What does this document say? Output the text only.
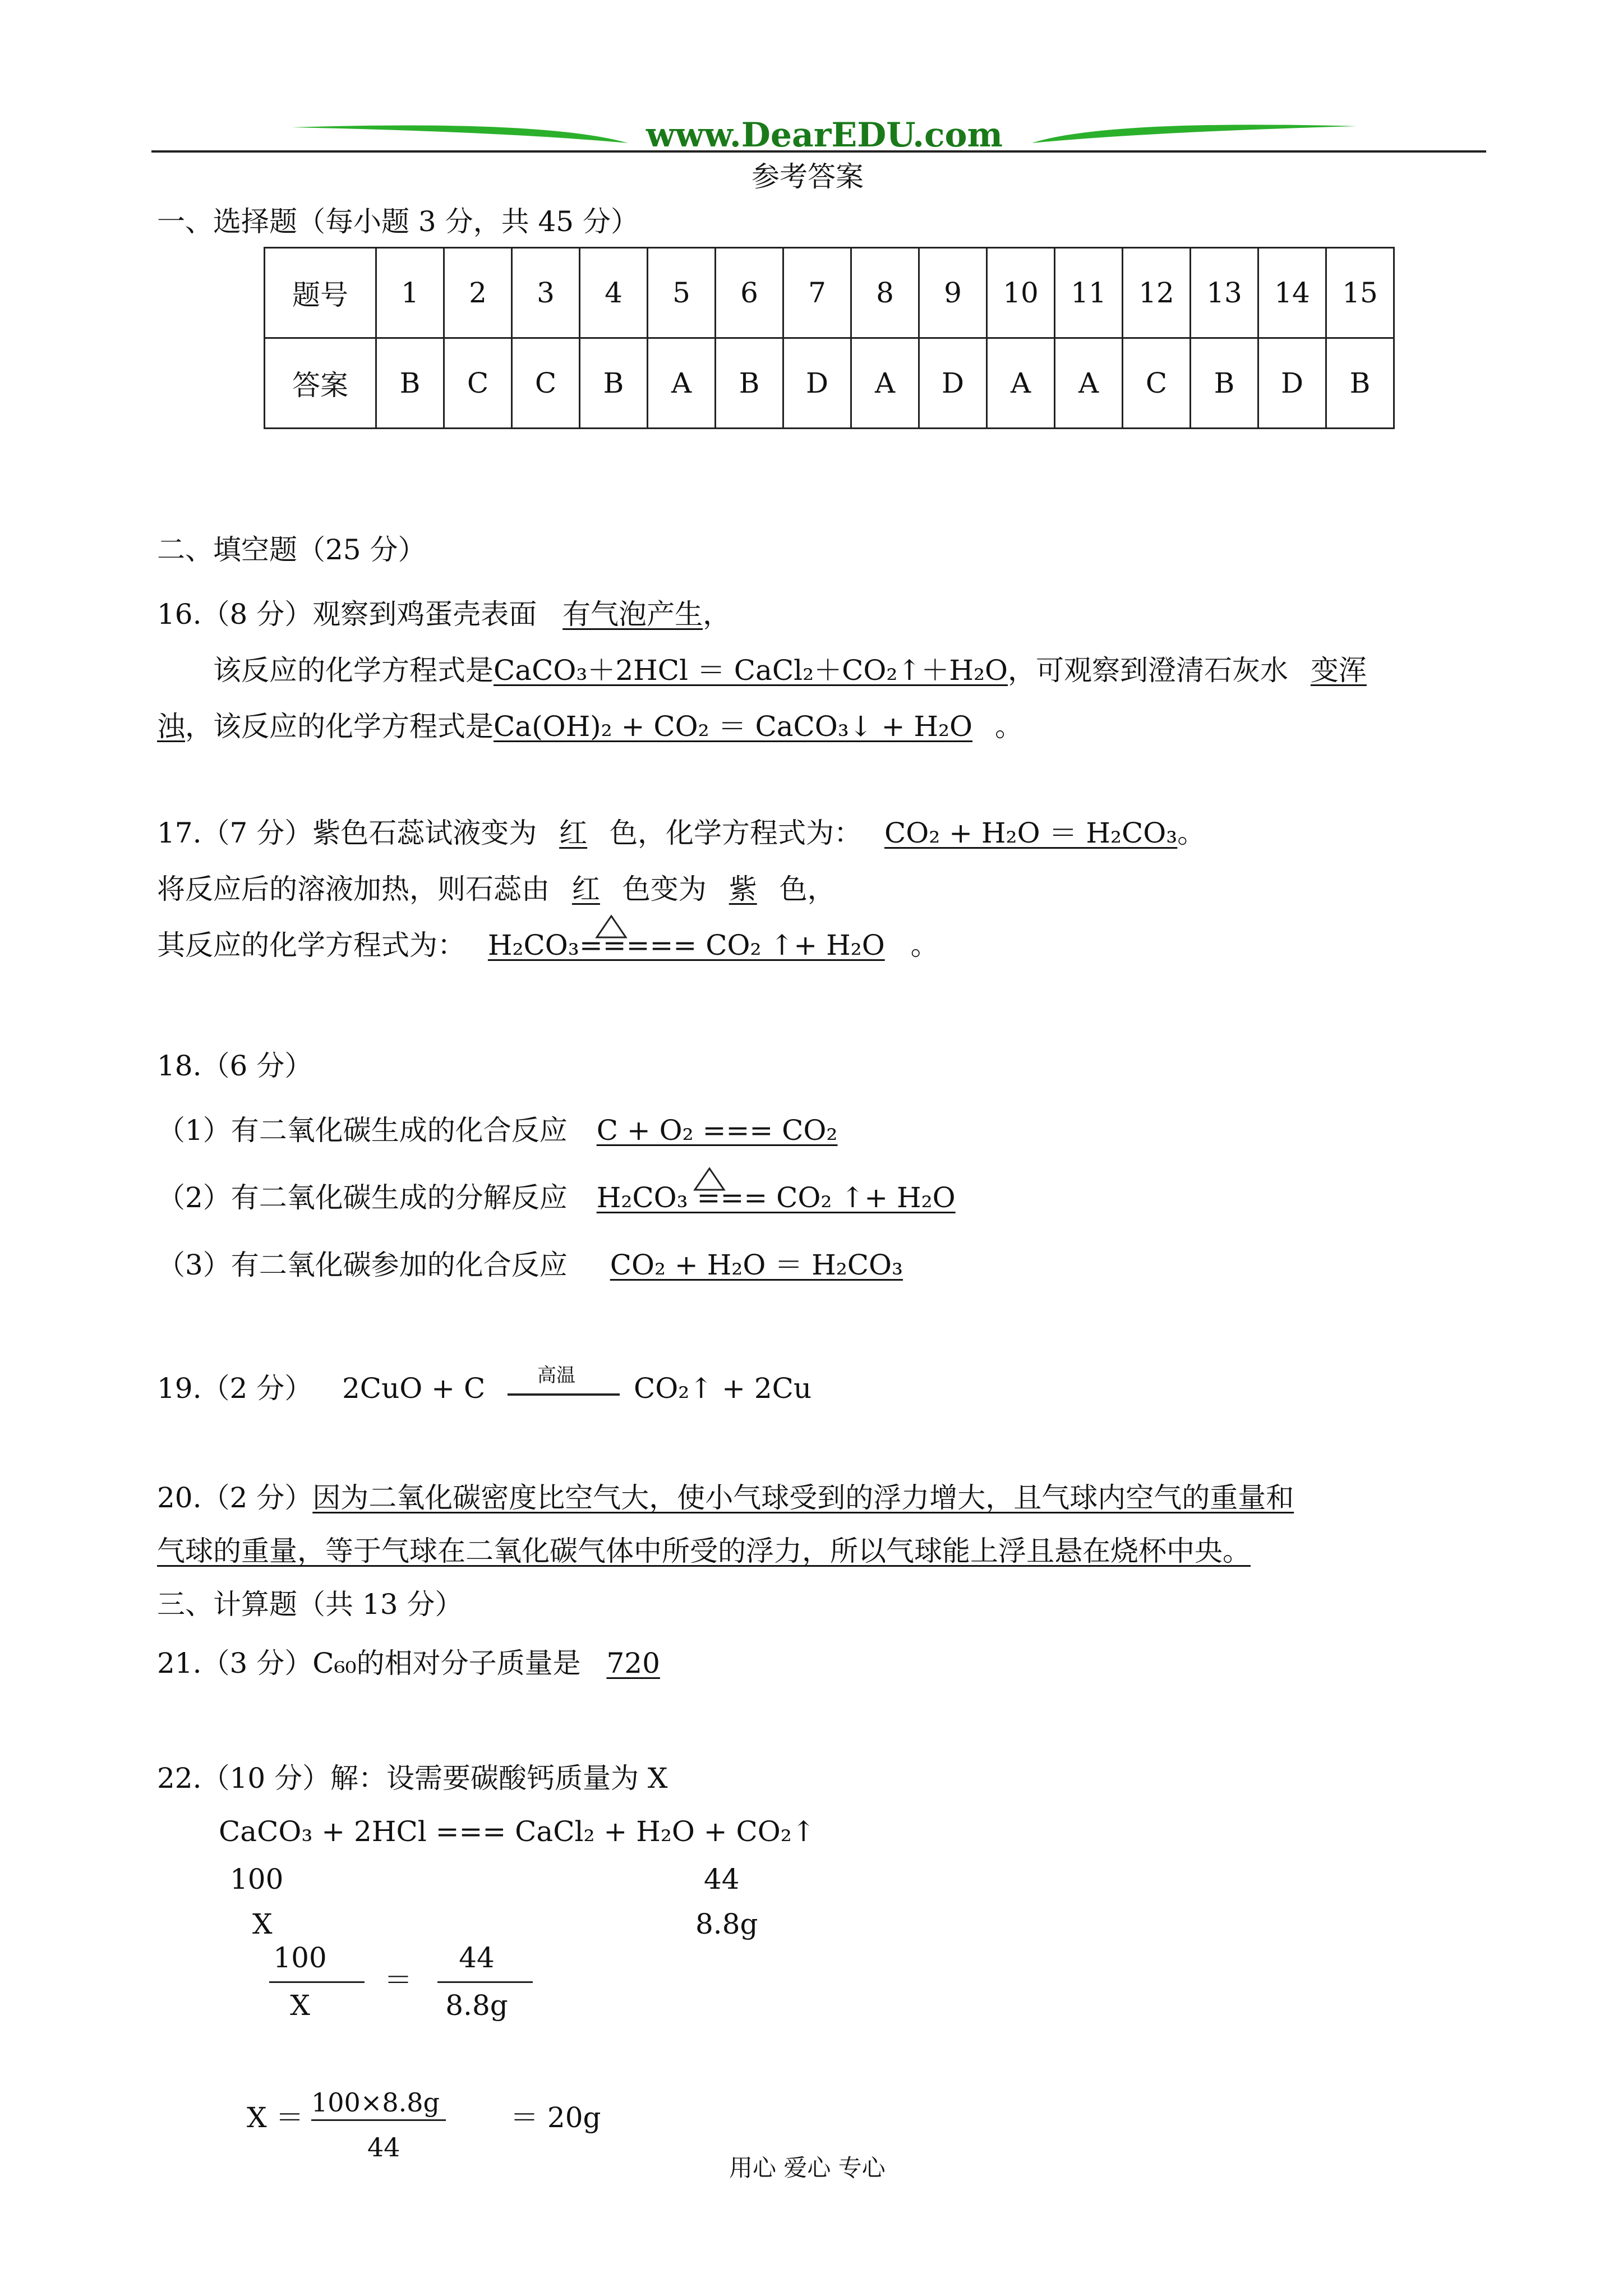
www.DearEDU.com
参考答案
一、选择题（每小题 3 分，共 45 分）
题号	1	2	3	4	5	6	7	8	9	10	11	12	13	14	15
答案	B	C	C	B	A	B	D	A	D	A	A	C	B	D	B
二、填空题（25 分）
16.（8 分）观察到鸡蛋壳表面 有气泡产生，
该反应的化学方程式是CaCO₃＋2HCl ＝ CaCl₂＋CO₂↑＋H₂O，可观察到澄清石灰水 变浑
浊，该反应的化学方程式是Ca(OH)₂ + CO₂ ＝ CaCO₃↓ + H₂O 。
17.（7 分）紫色石蕊试液变为 红 色，化学方程式为： CO₂ + H₂O ＝ H₂CO₃。
将反应后的溶液加热，则石蕊由 红 色变为 紫 色，
其反应的化学方程式为： H₂CO₃===== CO₂ ↑+ H₂O 。
18.（6 分）
（1）有二氧化碳生成的化合反应 C + O₂ === CO₂
（2）有二氧化碳生成的分解反应 H₂CO₃ === CO₂ ↑+ H₂O
（3）有二氧化碳参加的化合反应 CO₂ + H₂O ＝ H₂CO₃
19.（2 分） 2CuO + C	高温 CO₂↑ + 2Cu
20.（2 分）因为二氧化碳密度比空气大，使小气球受到的浮力增大，且气球内空气的重量和
气球的重量，等于气球在二氧化碳气体中所受的浮力，所以气球能上浮且悬在烧杯中央。
三、计算题（共 13 分）
21.（3 分）C₆₀的相对分子质量是 720
22.（10 分）解：设需要碳酸钙质量为 X
CaCO₃ + 2HCl === CaCl₂ + H₂O + CO₂↑
100	44
X	8.8g
100
X
＝
44
8.8g
X ＝ 100×8.8g
44
＝ 20g
用心 爱心 专心
